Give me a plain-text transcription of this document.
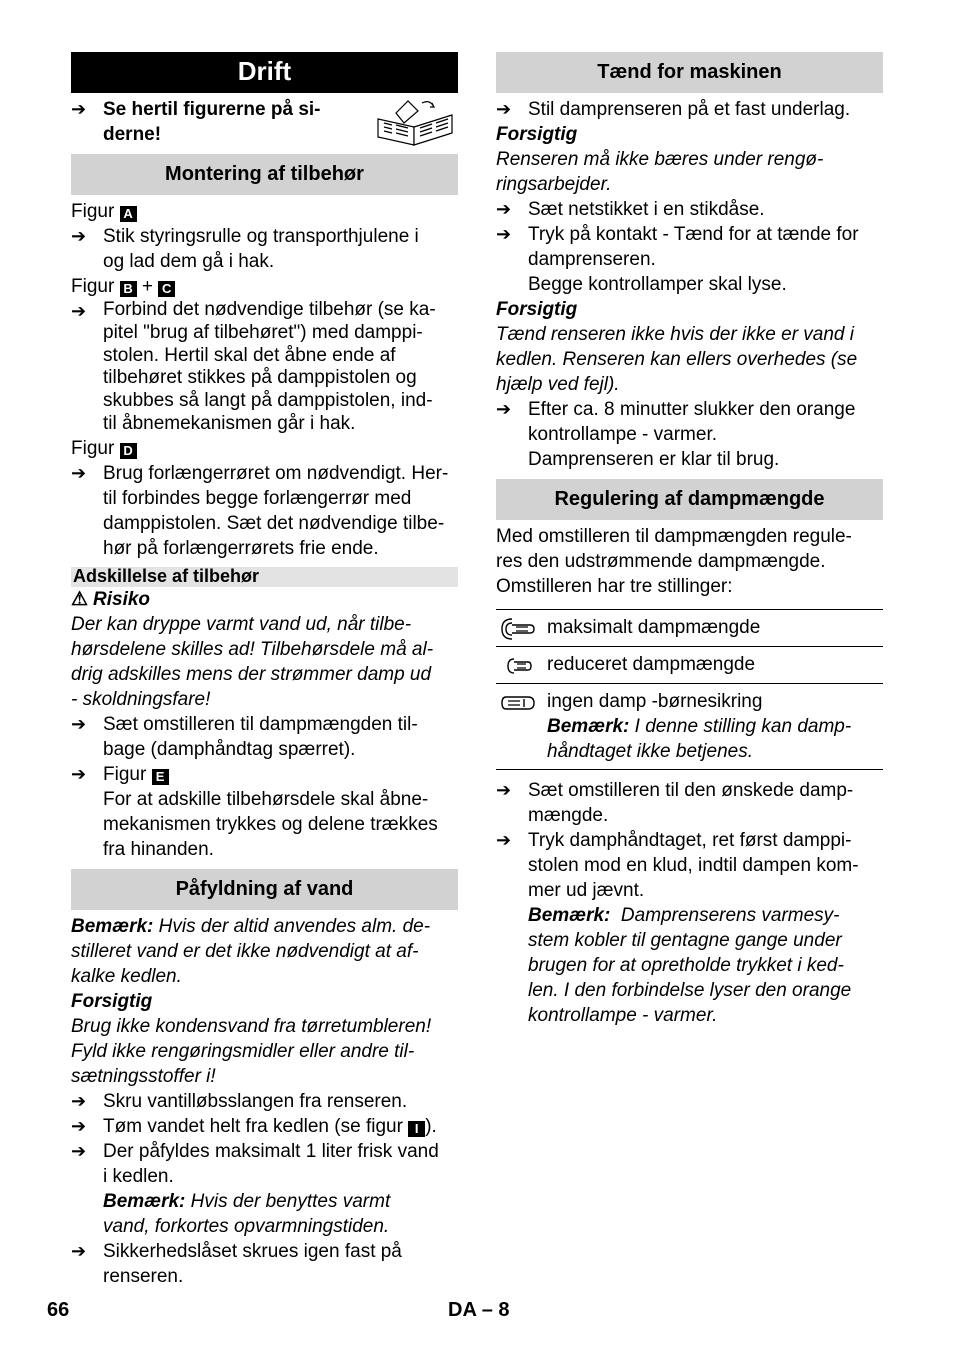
Drift
➔ Se hertil figurerne på si-
derne!
Montering af tilbehør
Figur A
➔ Stik styringsrulle og transporthjulene i
og lad dem gå i hak.
Figur B + C
➔ Forbind det nødvendige tilbehør (se ka-
pitel "brug af tilbehøret") med damppi-
stolen. Hertil skal det åbne ende af
tilbehøret stikkes på damppistolen og
skubbes så langt på damppistolen, ind-
til åbnemekanismen går i hak.
Figur D
➔ Brug forlængerrøret om nødvendigt. Her-
til forbindes begge forlængerrør med
damppistolen. Sæt det nødvendige tilbe-
hør på forlængerrørets frie ende.
Adskillelse af tilbehør
⚠ Risiko
Der kan dryppe varmt vand ud, når tilbe-
hørsdelene skilles ad! Tilbehørsdele må al-
drig adskilles mens der strømmer damp ud
- skoldningsfare!
➔ Sæt omstilleren til dampmængden til-
bage (damphåndtag spærret).
➔ Figur E
For at adskille tilbehørsdele skal åbne-
mekanismen trykkes og delene trækkes
fra hinanden.
Påfyldning af vand
Bemærk: Hvis der altid anvendes alm. de-
stilleret vand er det ikke nødvendigt at af-
kalke kedlen.
Forsigtig
Brug ikke kondensvand fra tørretumbleren!
Fyld ikke rengøringsmidler eller andre til-
sætningsstoffer i!
➔ Skru vantilløbsslangen fra renseren.
➔ Tøm vandet helt fra kedlen (se figur I ).
➔ Der påfyldes maksimalt 1 liter frisk vand
i kedlen.
Bemærk: Hvis der benyttes varmt
vand, forkortes opvarmningstiden.
➔ Sikkerhedslåset skrues igen fast på
renseren.
Tænd for maskinen
➔ Stil damprenseren på et fast underlag.
Forsigtig
Renseren må ikke bæres under rengø-
ringsarbejder.
➔ Sæt netstikket i en stikdåse.
➔ Tryk på kontakt - Tænd for at tænde for
damprenseren.
Begge kontrollamper skal lyse.
Forsigtig
Tænd renseren ikke hvis der ikke er vand i
kedlen. Renseren kan ellers overhedes (se
hjælp ved fejl).
➔ Efter ca. 8 minutter slukker den orange
kontrollampe - varmer.
Damprenseren er klar til brug.
Regulering af dampmængde
Med omstilleren til dampmængden regule-
res den udstrømmende dampmængde.
Omstilleren har tre stillinger:
	maksimalt dampmængde

	reduceret dampmængde

ingen damp -børnesikring
Bemærk: I denne stilling kan damp-
håndtaget ikke betjenes.
➔ Sæt omstilleren til den ønskede damp-
mængde.
➔ Tryk damphåndtaget, ret først damppi-
stolen mod en klud, indtil dampen kom-
mer ud jævnt.
Bemærk:  Damprenserens varmesy-
stem kobler til gentagne gange under
brugen for at opretholde trykket i ked-
len. I den forbindelse lyser den orange
kontrollampe - varmer.
66	DA – 8
